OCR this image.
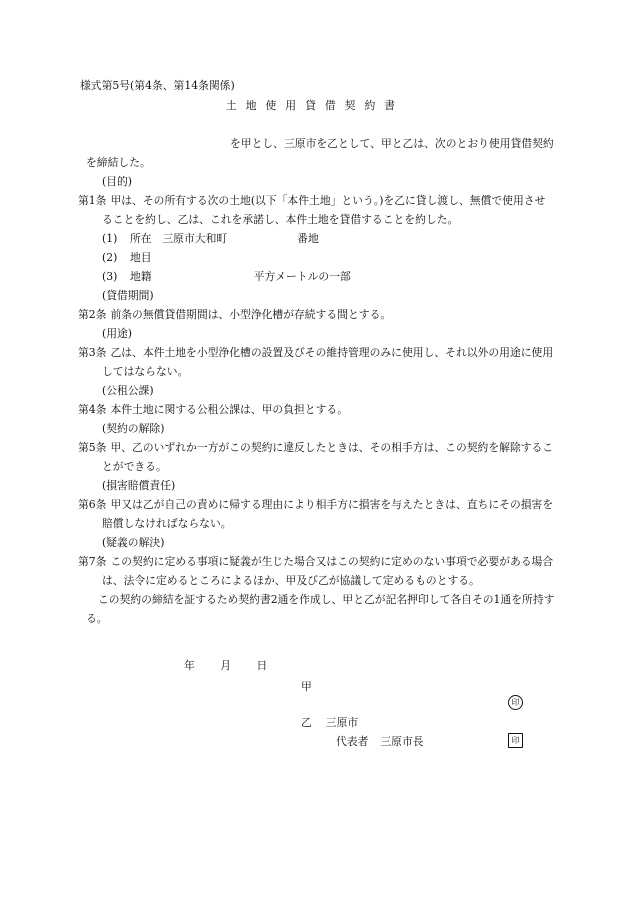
様式第5号(第4条、第14条関係)
土地使用貸借契約書

を甲とし、三原市を乙として、甲と乙は、次のとおり使用貸借契約を締結した。

(目的)

第1条 甲は、その所有する次の土地(以下「本件土地」という。)を乙に貸し渡し、無償で使用させることを約し、乙は、これを承諾し、本件土地を貸借することを約した。

(1) 所在　 三原市大和町	番地

(2) 地目

(3) 地籍	平方メートルの一部

(貸借期間)

第2条 前条の無償貸借期間は、小型浄化槽が存続する間とする。

(用途)

第3条 乙は、本件土地を小型浄化槽の設置及びその維持管理のみに使用し、それ以外の用途に使用してはならない。

(公租公課)

第4条 本件土地に関する公租公課は、甲の負担とする。

(契約の解除)

第5条 甲、乙のいずれか一方がこの契約に違反したときは、その相手方は、この契約を解除することができる。

(損害賠償責任)

第6条 甲又は乙が自己の責めに帰する理由により相手方に損害を与えたときは、直ちにその損害を賠償しなければならない。

(疑義の解決)

第7条 この契約に定める事項に疑義が生じた場合又はこの契約に定めのない事項で必要がある場合は、法令に定めるところによるほか、甲及び乙が協議して定めるものとする。

この契約の締結を証するため契約書2通を作成し、甲と乙が記名押印して各自その1通を所持する。

年 月 日
甲
印
乙 三原市
代表者 三原市長	印
